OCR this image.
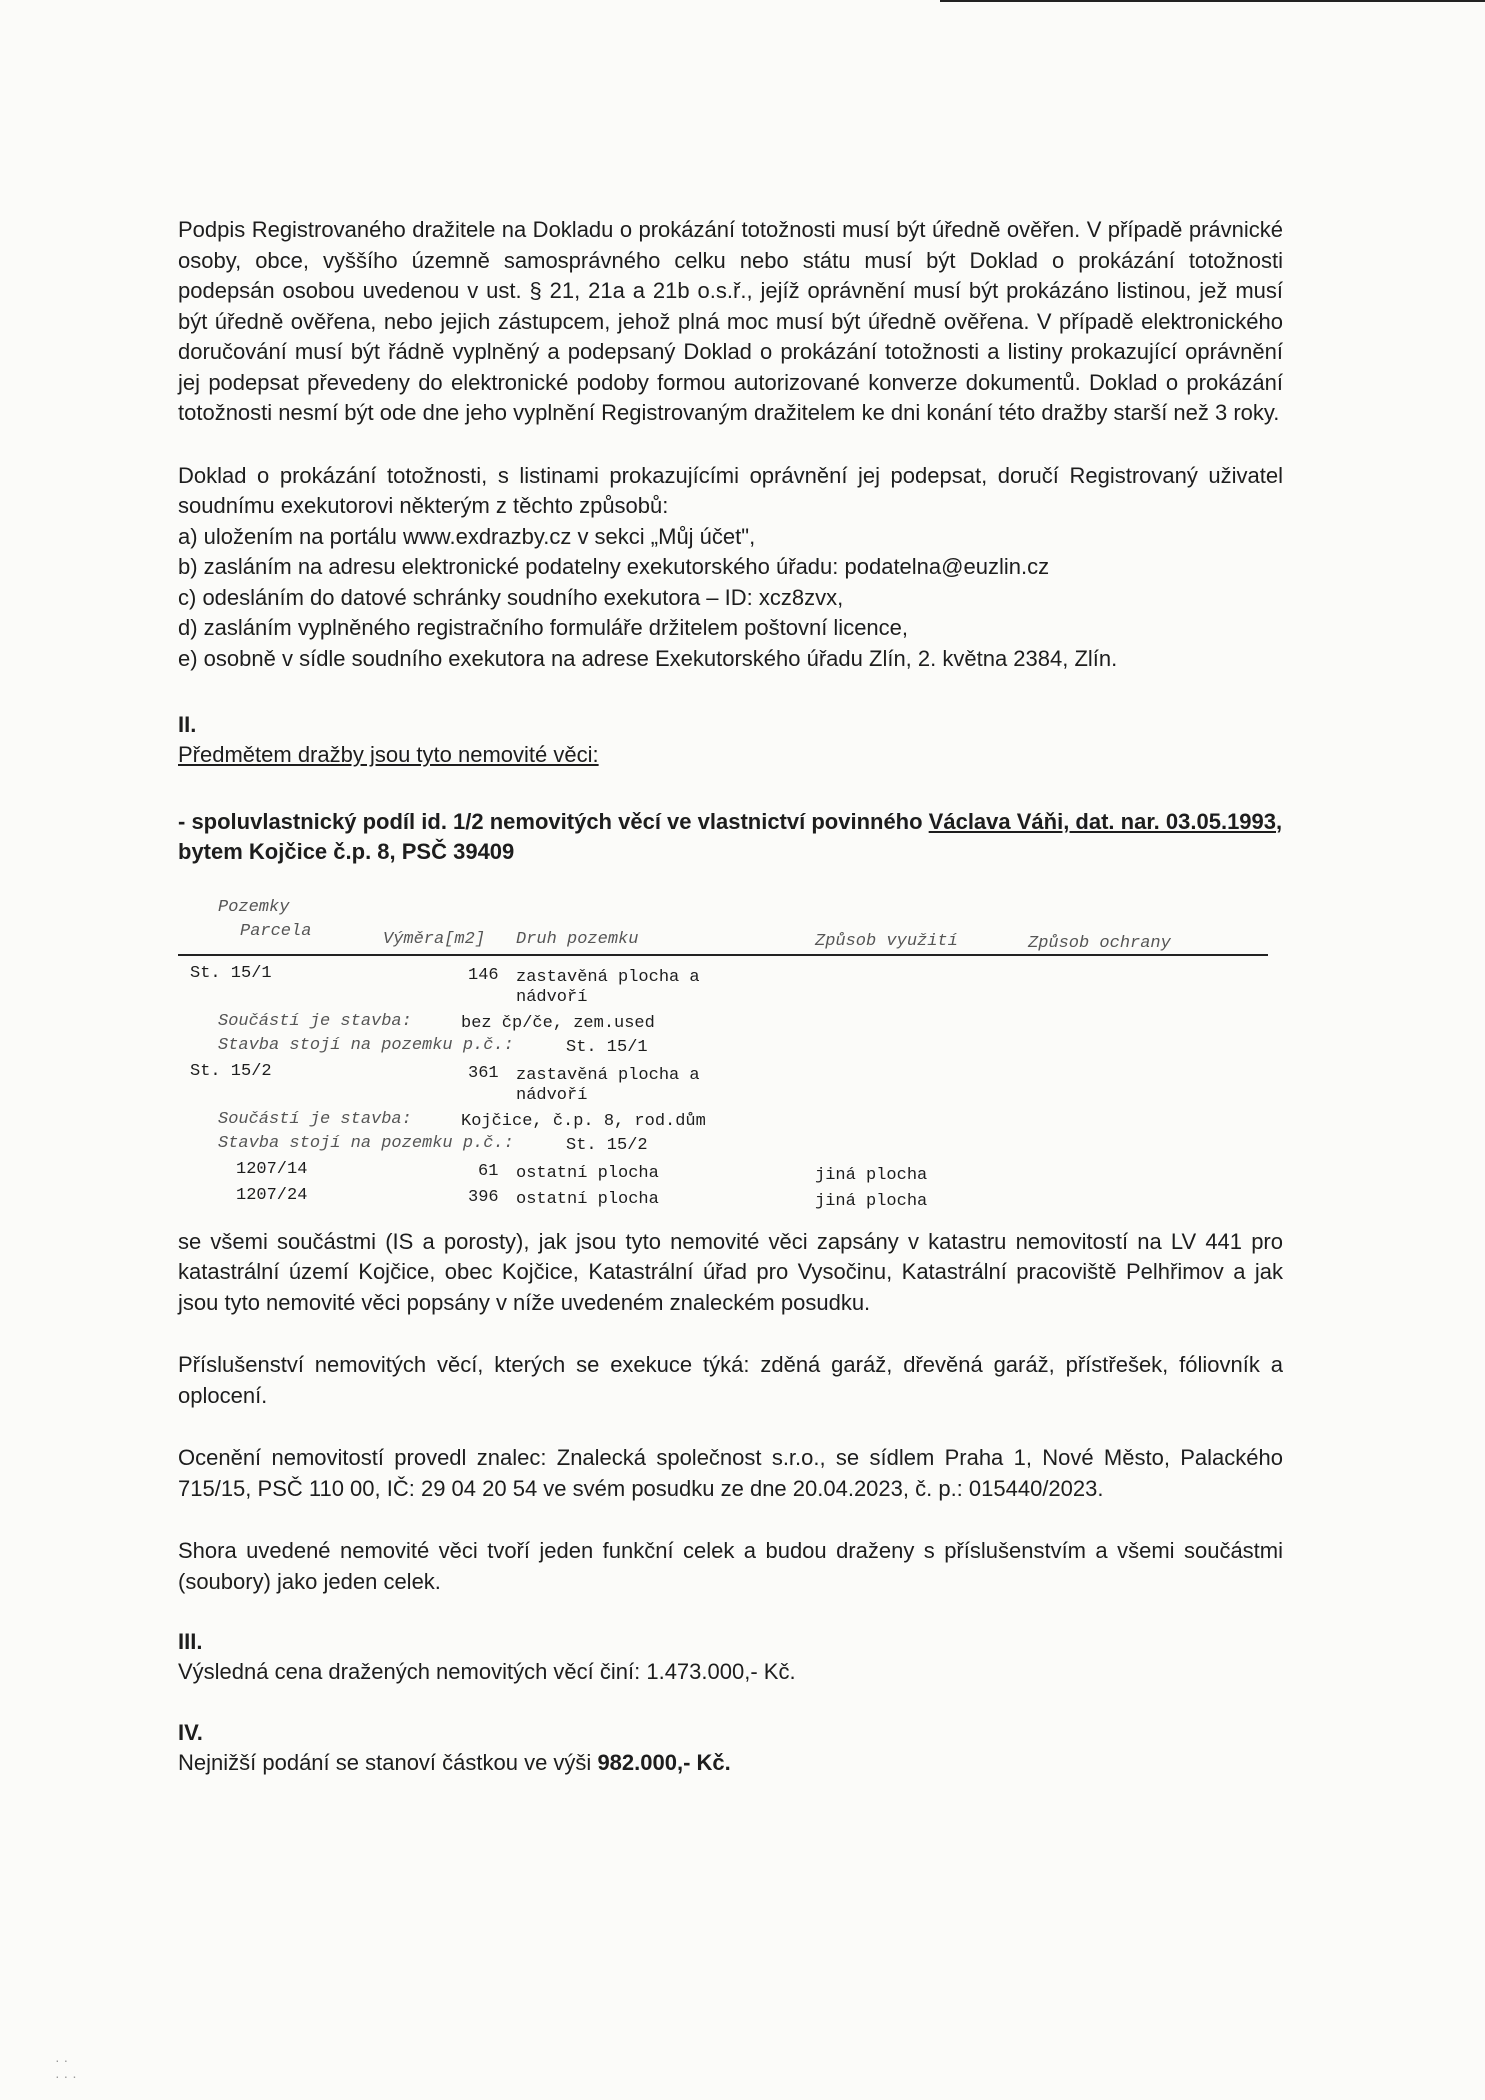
Podpis Registrovaného dražitele na Dokladu o prokázání totožnosti musí být úředně ověřen. V případě právnické osoby, obce, vyššího územně samosprávného celku nebo státu musí být Doklad o prokázání totožnosti podepsán osobou uvedenou v ust. § 21, 21a a 21b o.s.ř., jejíž oprávnění musí být prokázáno listinou, jež musí být úředně ověřena, nebo jejich zástupcem, jehož plná moc musí být úředně ověřena. V případě elektronického doručování musí být řádně vyplněný a podepsaný Doklad o prokázání totožnosti a listiny prokazující oprávnění jej podepsat převedeny do elektronické podoby formou autorizované konverze dokumentů. Doklad o prokázání totožnosti nesmí být ode dne jeho vyplnění Registrovaným dražitelem ke dni konání této dražby starší než 3 roky.

Doklad o prokázání totožnosti, s listinami prokazujícími oprávnění jej podepsat, doručí Registrovaný uživatel soudnímu exekutorovi některým z těchto způsobů:

a) uložením na portálu www.exdrazby.cz v sekci „Můj účet",
b) zasláním na adresu elektronické podatelny exekutorského úřadu: podatelna@euzlin.cz
c) odesláním do datové schránky soudního exekutora – ID: xcz8zvx,
d) zasláním vyplněného registračního formuláře držitelem poštovní licence,
e) osobně v sídle soudního exekutora na adrese Exekutorského úřadu Zlín, 2. května 2384, Zlín.
II.
Předmětem dražby jsou tyto nemovité věci:
- spoluvlastnický podíl id. 1/2 nemovitých věcí ve vlastnictví povinného Václava Váňi, dat. nar. 03.05.1993, bytem Kojčice č.p. 8, PSČ 39409
Pozemky
Parcela	Výměra[m2] Druh pozemku	Způsob využití	Způsob ochrany
St. 15/1	146 zastavěná plocha a
nádvoří
Součástí je stavba:	bez čp/če, zem.used
Stavba stojí na pozemku p.č.:	St. 15/1
St. 15/2	361 zastavěná plocha a
nádvoří
Součástí je stavba:	Kojčice, č.p. 8, rod.dům
Stavba stojí na pozemku p.č.:	St. 15/2
1207/14	61 ostatní plocha	jiná plocha
1207/24	396 ostatní plocha	jiná plocha

se všemi součástmi (IS a porosty), jak jsou tyto nemovité věci zapsány v katastru nemovitostí na LV 441 pro katastrální území Kojčice, obec Kojčice, Katastrální úřad pro Vysočinu, Katastrální pracoviště Pelhřimov a jak jsou tyto nemovité věci popsány v níže uvedeném znaleckém posudku.

Příslušenství nemovitých věcí, kterých se exekuce týká: zděná garáž, dřevěná garáž, přístřešek, fóliovník a oplocení.

Ocenění nemovitostí provedl znalec: Znalecká společnost s.r.o., se sídlem Praha 1, Nové Město, Palackého 715/15, PSČ 110 00, IČ: 29 04 20 54 ve svém posudku ze dne 20.04.2023, č. p.: 015440/2023.

Shora uvedené nemovité věci tvoří jeden funkční celek a budou draženy s příslušenstvím a všemi součástmi (soubory) jako jeden celek.

III.
Výsledná cena dražených nemovitých věcí činí: 1.473.000,- Kč.
IV.
Nejnižší podání se stanoví částkou ve výši 982.000,- Kč.
· ·
· · ·
